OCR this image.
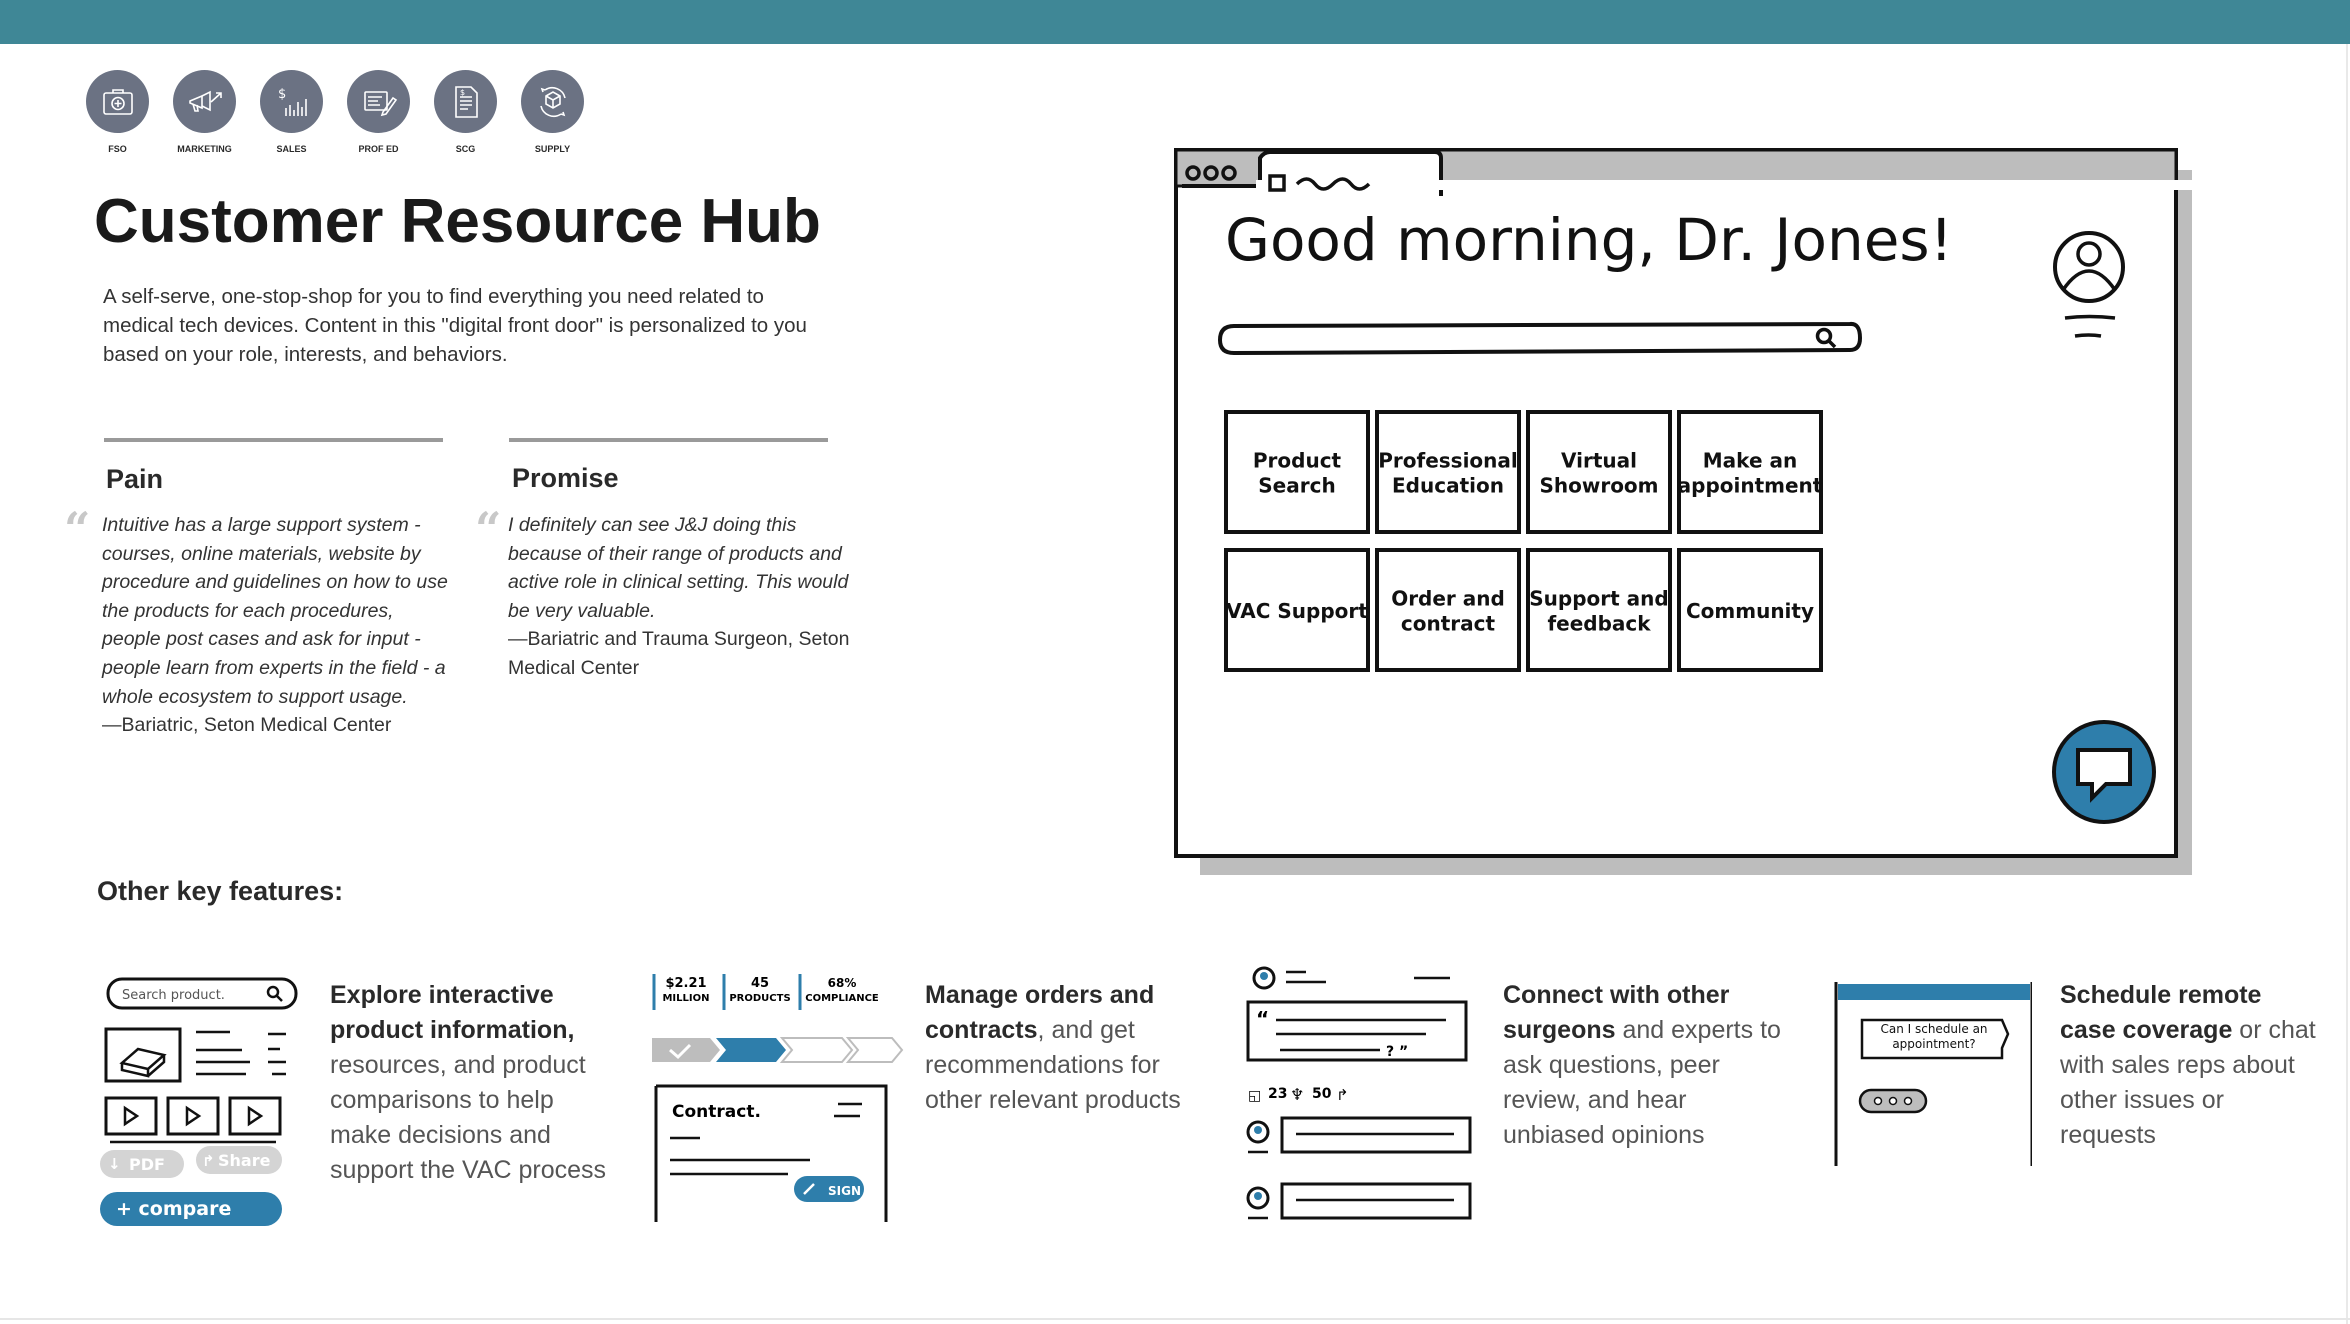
FSO	MARKETING
$
SALES	PROF ED
$
SCG	SUPPLY
Customer Resource Hub

A self-serve, one-stop-shop for you to find everything you need related to medical tech devices. Content in this "digital front door" is personalized to you based on your role, interests, and behaviors.

Pain
“ Intuitive has a large support system - courses, online materials, website by procedure and guidelines on how to use the products for each procedures, people post cases and ask for input - people learn from experts in the field - a whole ecosystem to support usage.
—Bariatric, Seton Medical Center

Promise
“ I definitely can see J&J doing this because of their range of products and active role in clinical setting. This would be very valuable.
—Bariatric and Trauma Surgeon, Seton Medical Center

Good morning, Dr. Jones!
Product
Search
Professional
Education
Virtual
Showroom
Make an
appointment
VAC Support
Order and
contract
Support and
feedback
Community
Other key features:
Search product.
↓ PDF ↱ Share
+ compare
Explore interactive product information, resources, and product comparisons to help make decisions and support the VAC process
$2.21
MILLION
45
PRODUCTS
68%
COMPLIANCE
Contract.
SIGN
Manage orders and contracts, and get recommendations for other relevant products
“
? ”
◱ 23 ♆ 50 ↱
Connect with other surgeons and experts to ask questions, peer review, and hear unbiased opinions
Can I schedule an appointment?
Schedule remote case coverage or chat with sales reps about other issues or requests
